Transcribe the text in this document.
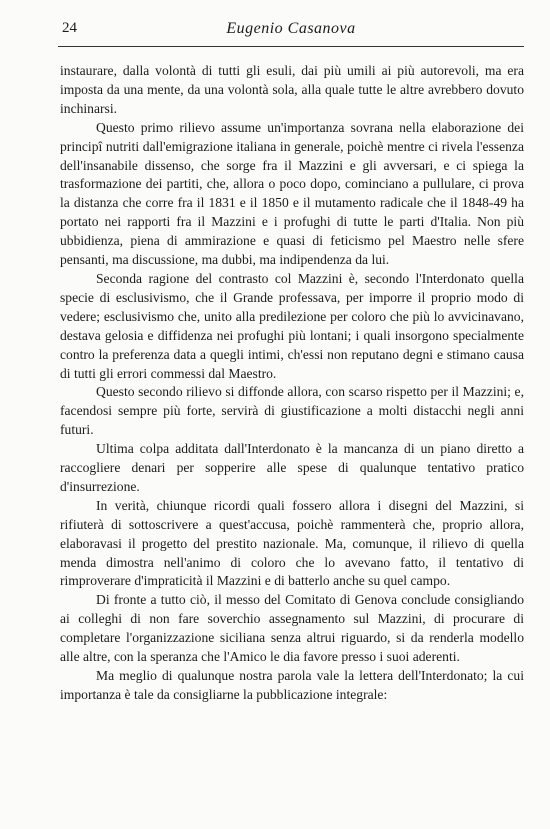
24	Eugenio Casanova

instaurare, dalla volontà di tutti gli esuli, dai più umili ai più autorevoli, ma era imposta da una mente, da una volontà sola, alla quale tutte le altre avrebbero dovuto inchinarsi.

Questo primo rilievo assume un'importanza sovrana nella elaborazione dei principî nutriti dall'emigrazione italiana in generale, poichè mentre ci rivela l'essenza dell'insanabile dissenso, che sorge fra il Mazzini e gli avversari, e ci spiega la trasformazione dei partiti, che, allora o poco dopo, cominciano a pullulare, ci prova la distanza che corre fra il 1831 e il 1850 e il mutamento radicale che il 1848-49 ha portato nei rapporti fra il Mazzini e i profughi di tutte le parti d'Italia. Non più ubbidienza, piena di ammirazione e quasi di feticismo pel Maestro nelle sfere pensanti, ma discussione, ma dubbi, ma indipendenza da lui.

Seconda ragione del contrasto col Mazzini è, secondo l'Interdonato quella specie di esclusivismo, che il Grande professava, per imporre il proprio modo di vedere; esclusivismo che, unito alla predilezione per coloro che più lo avvicinavano, destava gelosia e diffidenza nei profughi più lontani; i quali insorgono specialmente contro la preferenza data a quegli intimi, ch'essi non reputano degni e stimano causa di tutti gli errori commessi dal Maestro.

Questo secondo rilievo si diffonde allora, con scarso rispetto per il Mazzini; e, facendosi sempre più forte, servirà di giustificazione a molti distacchi negli anni futuri.

Ultima colpa additata dall'Interdonato è la mancanza di un piano diretto a raccogliere denari per sopperire alle spese di qualunque tentativo pratico d'insurrezione.

In verità, chiunque ricordi quali fossero allora i disegni del Mazzini, si rifiuterà di sottoscrivere a quest'accusa, poichè rammenterà che, proprio allora, elaboravasi il progetto del prestito nazionale. Ma, comunque, il rilievo di quella menda dimostra nell'animo di coloro che lo avevano fatto, il tentativo di rimproverare d'impraticità il Mazzini e di batterlo anche su quel campo.

Di fronte a tutto ciò, il messo del Comitato di Genova conclude consigliando ai colleghi di non fare soverchio assegnamento sul Mazzini, di procurare di completare l'organizzazione siciliana senza altrui riguardo, si da renderla modello alle altre, con la speranza che l'Amico le dia favore presso i suoi aderenti.

Ma meglio di qualunque nostra parola vale la lettera dell'Interdonato; la cui importanza è tale da consigliarne la pubblicazione integrale:
